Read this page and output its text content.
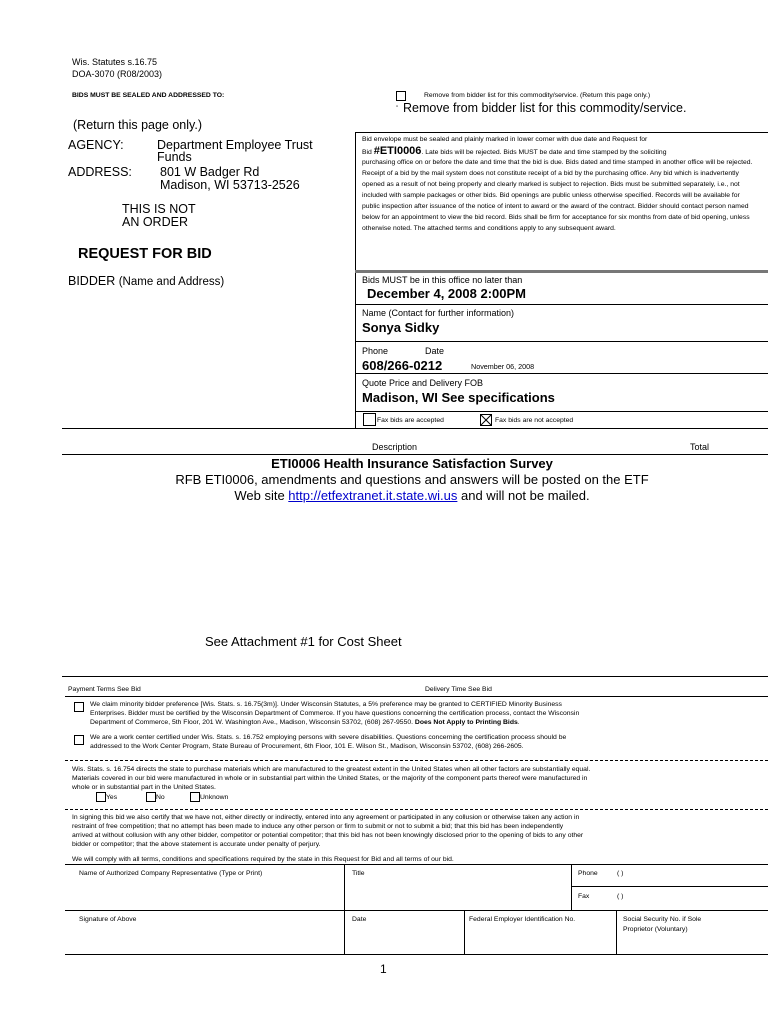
Wis. Statutes s.16.75
DOA-3070 (R08/2003)
BIDS MUST BE SEALED AND ADDRESSED TO:	Remove from bidder list for this commodity/service. (Return this page only.)
▫ Remove from bidder list for this commodity/service.
(Return this page only.)
AGENCY:	Department Employee Trust
Funds
ADDRESS: 801 W Badger Rd
Madison, WI 53713-2526
THIS IS NOT
AN ORDER
REQUEST FOR BID
BIDDER (Name and Address)
Bid envelope must be sealed and plainly marked in lower corner with due date and Request for
Bid #ETI0006. Late bids will be rejected. Bids MUST be date and time stamped by the soliciting
purchasing office on or before the date and time that the bid is due. Bids dated and time stamped in another office will be rejected. Receipt of a bid by the mail system does not constitute receipt of a bid by the purchasing office. Any bid which is inadvertently opened as a result of not being properly and clearly marked is subject to rejection. Bids must be submitted separately, i.e., not included with sample packages or other bids. Bid openings are public unless otherwise specified. Records will be available for public inspection after issuance of the notice of intent to award or the award of the contract. Bidder should contact person named below for an appointment to view the bid record. Bids shall be firm for acceptance for six months from date of bid opening, unless otherwise noted. The attached terms and conditions apply to any subsequent award.
Bids MUST be in this office no later than
December 4, 2008 2:00PM
Name (Contact for further information)
Sonya Sidky
Phone	Date
608/266-0212	November 06, 2008
Quote Price and Delivery FOB
Madison, WI See specifications
Fax bids are accepted	Fax bids are not accepted
Description	Total
ETI0006 Health Insurance Satisfaction Survey
RFB ETI0006, amendments and questions and answers will be posted on the ETF
Web site http://etfextranet.it.state.wi.us and will not be mailed.
See Attachment #1 for Cost Sheet
Payment Terms See Bid	Delivery Time See Bid
We claim minority bidder preference [Wis. Stats. s. 16.75(3m)]. Under Wisconsin Statutes, a 5% preference may be granted to CERTIFIED Minority Business
Enterprises. Bidder must be certified by the Wisconsin Department of Commerce. If you have questions concerning the certification process, contact the Wisconsin
Department of Commerce, 5th Floor, 201 W. Washington Ave., Madison, Wisconsin 53702, (608) 267-9550. Does Not Apply to Printing Bids.
We are a work center certified under Wis. Stats. s. 16.752 employing persons with severe disabilities. Questions concerning the certification process should be
addressed to the Work Center Program, State Bureau of Procurement, 6th Floor, 101 E. Wilson St., Madison, Wisconsin 53702, (608) 266-2605.
Wis. Stats. s. 16.754 directs the state to purchase materials which are manufactured to the greatest extent in the United States when all other factors are substantially equal.
Materials covered in our bid were manufactured in whole or in substantial part within the United States, or the majority of the component parts thereof were manufactured in
whole or in substantial part in the United States.
Yes	No	Unknown
In signing this bid we also certify that we have not, either directly or indirectly, entered into any agreement or participated in any collusion or otherwise taken any action in
restraint of free competition; that no attempt has been made to induce any other person or firm to submit or not to submit a bid; that this bid has been independently
arrived at without collusion with any other bidder, competitor or potential competitor; that this bid has not been knowingly disclosed prior to the opening of bids to any other
bidder or competitor; that the above statement is accurate under penalty of perjury.
We will comply with all terms, conditions and specifications required by the state in this Request for Bid and all terms of our bid.
Name of Authorized Company Representative (Type or Print)	Title	Phone	( )
Fax	( )
Signature of Above	Date	Federal Employer Identification No.	Social Security No. if Sole
Proprietor (Voluntary)
1
